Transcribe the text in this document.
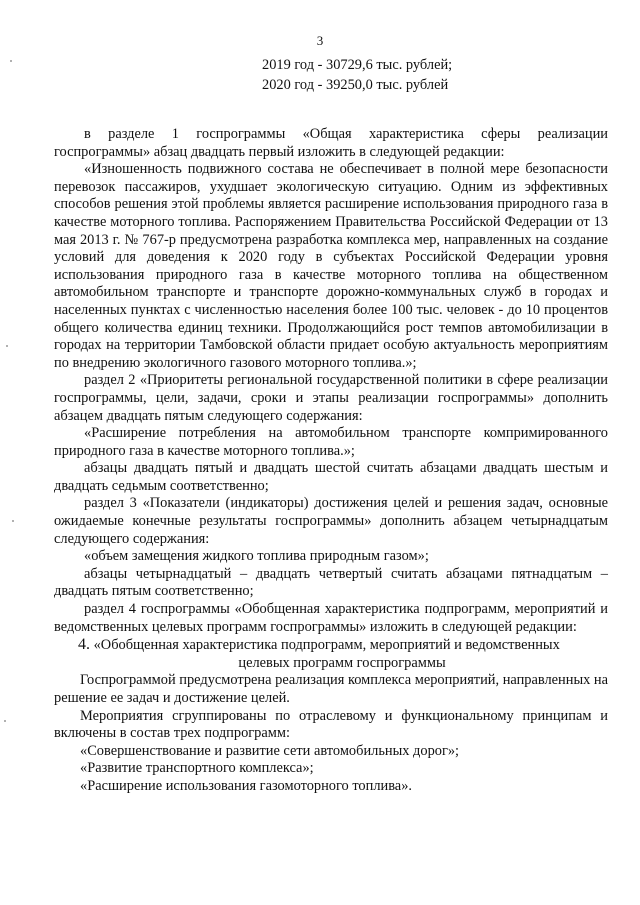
3
2019 год - 30729,6 тыс. рублей;
2020 год - 39250,0 тыс. рублей

в разделе 1 госпрограммы «Общая характеристика сферы реализации госпрограммы» абзац двадцать первый изложить в следующей редакции:

«Изношенность подвижного состава не обеспечивает в полной мере безопасности перевозок пассажиров, ухудшает экологическую ситуацию. Одним из эффективных способов решения этой проблемы является расширение использования природного газа в качестве моторного топлива. Распоряжением Правительства Российской Федерации от 13 мая 2013 г. № 767-р предусмотрена разработка комплекса мер, направленных на создание условий для доведения к 2020 году в субъектах Российской Федерации уровня использования природного газа в качестве моторного топлива на общественном автомобильном транспорте и транспорте дорожно-коммунальных служб в городах и населенных пунктах с численностью населения более 100 тыс. человек - до 10 процентов общего количества единиц техники. Продолжающийся рост темпов автомобилизации в городах на территории Тамбовской области придает особую актуальность мероприятиям по внедрению экологичного газового моторного топлива.»;

раздел 2 «Приоритеты региональной государственной политики в сфере реализации госпрограммы, цели, задачи, сроки и этапы реализации госпрограммы» дополнить абзацем двадцать пятым следующего содержания:

«Расширение потребления на автомобильном транспорте компримированного природного газа в качестве моторного топлива.»;

абзацы двадцать пятый и двадцать шестой считать абзацами двадцать шестым и двадцать седьмым соответственно;

раздел 3 «Показатели (индикаторы) достижения целей и решения задач, основные ожидаемые конечные результаты госпрограммы» дополнить абзацем четырнадцатым следующего содержания:

«объем замещения жидкого топлива природным газом»;

абзацы четырнадцатый – двадцать четвертый считать абзацами пятнадцатым – двадцать пятым соответственно;

раздел 4 госпрограммы «Обобщенная характеристика подпрограмм, мероприятий и ведомственных целевых программ госпрограммы» изложить в следующей редакции:

4. «Обобщенная характеристика подпрограмм, мероприятий и ведомственных
целевых программ госпрограммы

Госпрограммой предусмотрена реализация комплекса мероприятий, направленных на решение ее задач и достижение целей.

Мероприятия сгруппированы по отраслевому и функциональному принципам и включены в состав трех подпрограмм:

«Совершенствование и развитие сети автомобильных дорог»;

«Развитие транспортного комплекса»;

«Расширение использования газомоторного топлива».
